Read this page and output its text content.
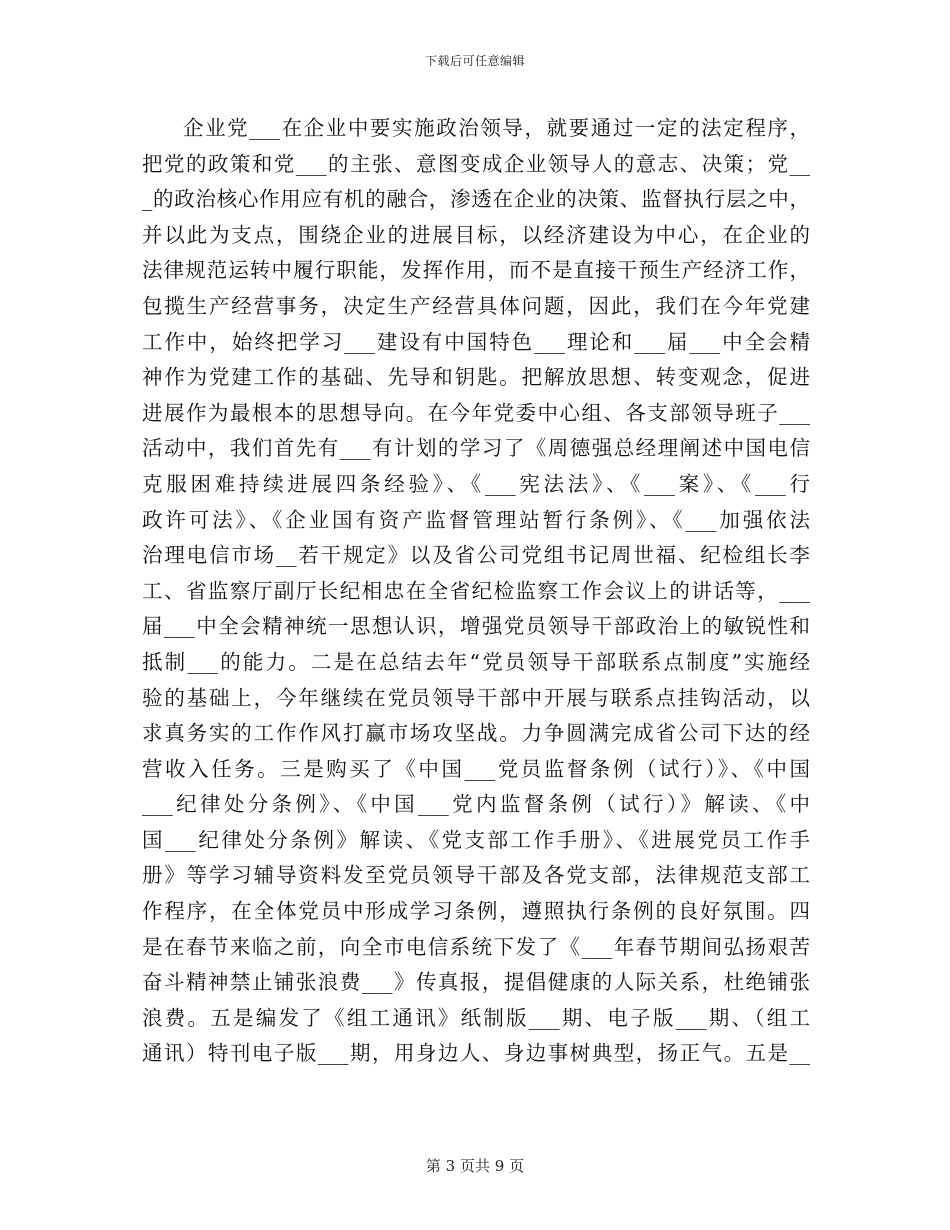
下载后可任意编辑
企业党___在企业中要实施政治领导，就要通过一定的法定程序，
把党的政策和党___的主张、意图变成企业领导人的意志、决策；党__
_的政治核心作用应有机的融合，渗透在企业的决策、监督执行层之中，
并以此为支点，围绕企业的进展目标，以经济建设为中心，在企业的
法律规范运转中履行职能，发挥作用，而不是直接干预生产经济工作，
包揽生产经营事务，决定生产经营具体问题，因此，我们在今年党建
工作中，始终把学习___建设有中国特色___理论和___届___中全会精
神作为党建工作的基础、先导和钥匙。把解放思想、转变观念，促进
进展作为最根本的思想导向。在今年党委中心组、各支部领导班子___
活动中，我们首先有___有计划的学习了《周德强总经理阐述中国电信
克服困难持续进展四条经验》、《___宪法法》、《___案》、《___行
政许可法》、《企业国有资产监督管理站暂行条例》、《___加强依法
治理电信市场__若干规定》以及省公司党组书记周世福、纪检组长李
工、省监察厅副厅长纪相忠在全省纪检监察工作会议上的讲话等，___
届___中全会精神统一思想认识，增强党员领导干部政治上的敏锐性和
抵制___的能力。二是在总结去年“党员领导干部联系点制度”实施经
验的基础上，今年继续在党员领导干部中开展与联系点挂钩活动，以
求真务实的工作作风打赢市场攻坚战。力争圆满完成省公司下达的经
营收入任务。三是购买了《中国___党员监督条例（试行）》、《中国
___纪律处分条例》、《中国___党内监督条例（试行）》解读、《中
国___纪律处分条例》解读、《党支部工作手册》、《进展党员工作手
册》等学习辅导资料发至党员领导干部及各党支部，法律规范支部工
作程序，在全体党员中形成学习条例，遵照执行条例的良好氛围。四
是在春节来临之前，向全市电信系统下发了《___年春节期间弘扬艰苦
奋斗精神禁止铺张浪费___》传真报，提倡健康的人际关系，杜绝铺张
浪费。五是编发了《组工通讯》纸制版___期、电子版___期、（组工
通讯）特刊电子版___期，用身边人、身边事树典型，扬正气。五是__
第 3 页共 9 页
